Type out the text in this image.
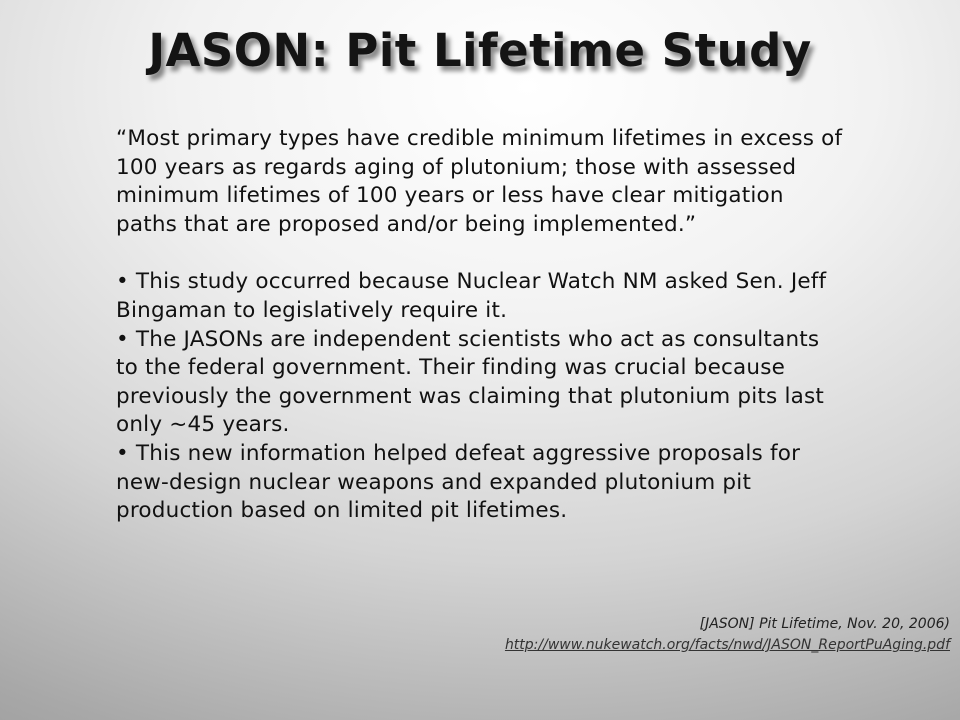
JASON: Pit Lifetime Study

“Most primary types have credible minimum lifetimes in excess of 100 years as regards aging of plutonium; those with assessed minimum lifetimes of 100 years or less have clear mitigation paths that are proposed and/or being implemented.”

• This study occurred because Nuclear Watch NM asked Sen. Jeff Bingaman to legislatively require it.

• The JASONs are independent scientists who act as consultants to the federal government. Their finding was crucial because previously the government was claiming that plutonium pits last only ~45 years.

• This new information helped defeat aggressive proposals for new-design nuclear weapons and expanded plutonium pit production based on limited pit lifetimes.

[JASON] Pit Lifetime, Nov. 20, 2006)
http://www.nukewatch.org/facts/nwd/JASON_ReportPuAging.pdf
